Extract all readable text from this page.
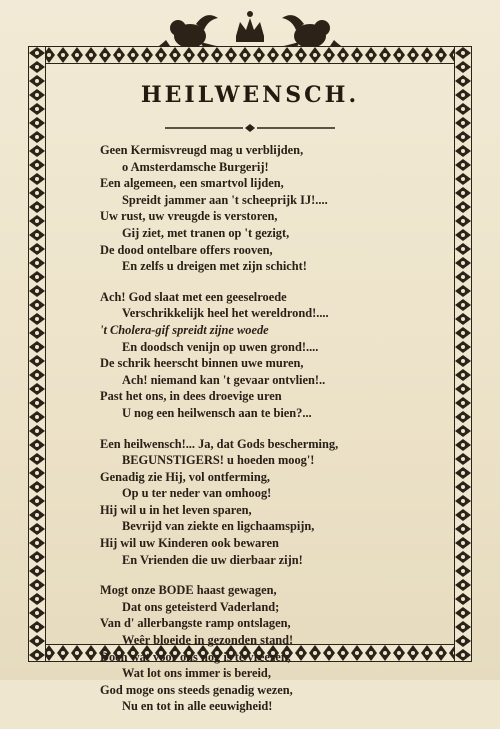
HEILWENSCH.
Geen Kermisvreugd mag u verblijden,
o Amsterdamsche Burgerij!
Een algemeen, een smartvol lijden,
Spreidt jammer aan 't scheeprijk IJ!....
Uw rust, uw vreugde is verstoren,
Gij ziet, met tranen op 't gezigt,
De dood ontelbare offers rooven,
En zelfs u dreigen met zijn schicht!
Ach! God slaat met een geeselroede
Verschrikkelijk heel het wereldrond!....
't Cholera-gif spreidt zijne woede
En doodsch venijn op uwen grond!....
De schrik heerscht binnen uwe muren,
Ach! niemand kan 't gevaar ontvlien!..
Past het ons, in dees droevige uren
U nog een heilwensch aan te bien?...
Een heilwensch!... Ja, dat Gods bescherming,
BEGUNSTIGERS! u hoeden moog'!
Genadig zie Hij, vol ontferming,
Op u ter neder van omhoog!
Hij wil u in het leven sparen,
Bevrijd van ziekte en ligchaamspijn,
Hij wil uw Kinderen ook bewaren
En Vrienden die uw dierbaar zijn!
Mogt onze BODE haast gewagen,
Dat ons geteisterd Vaderland;
Van d' allerbangste ramp ontslagen,
Weêr bloeide in gezonden stand!
Doch wat voor ons nog is te vreezen,
Wat lot ons immer is bereid,
God moge ons steeds genadig wezen,
Nu en tot in alle eeuwigheid!
